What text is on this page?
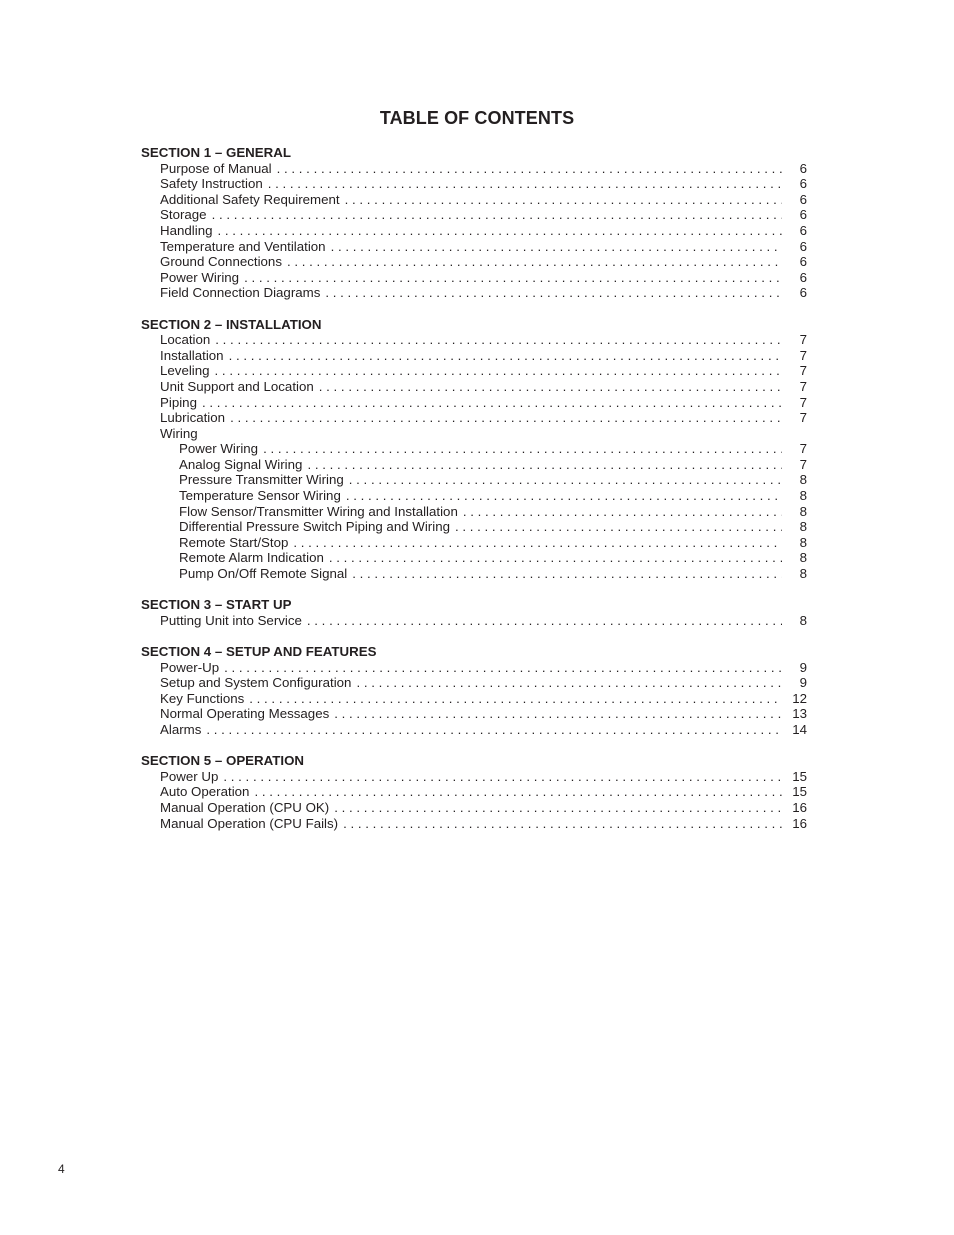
TABLE OF CONTENTS
SECTION 1 – GENERAL
Purpose of Manual . . .	6
Safety Instruction . . .	6
Additional Safety Requirement . . .	6
Storage . . .	6
Handling . . .	6
Temperature and Ventilation . . .	6
Ground Connections . . .	6
Power Wiring . . .	6
Field Connection Diagrams . . .	6
SECTION 2 – INSTALLATION
Location . . .	7
Installation . . .	7
Leveling . . .	7
Unit Support and Location . . .	7
Piping . . .	7
Lubrication . . .	7
Wiring
Power Wiring . . .	7
Analog Signal Wiring . . .	7
Pressure Transmitter Wiring . . .	8
Temperature Sensor Wiring . . .	8
Flow Sensor/Transmitter Wiring and Installation . . .	8
Differential Pressure Switch Piping and Wiring . . .	8
Remote Start/Stop . . .	8
Remote Alarm Indication . . .	8
Pump On/Off Remote Signal . . .	8
SECTION 3 – START UP
Putting Unit into Service . . .	8
SECTION 4 – SETUP AND FEATURES
Power-Up . . .	9
Setup and System Configuration . . .	9
Key Functions . . .	12
Normal Operating Messages . . .	13
Alarms . . .	14
SECTION 5 – OPERATION
Power Up . . .	15
Auto Operation . . .	15
Manual Operation (CPU OK) . . .	16
Manual Operation (CPU Fails) . . .	16
4
